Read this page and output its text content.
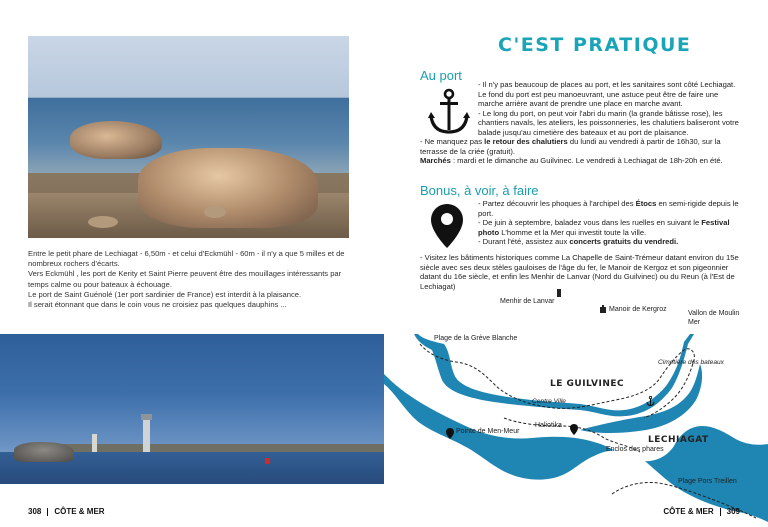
Entre le petit phare de Lechiagat - 6,50m - et celui d'Eckmühl - 60m - il n'y a que 5 milles et de nombreux rochers d'écarts.

Vers Eckmühl , les port de Kerity et Saint Pierre peuvent être des mouillages intéressants par temps calme ou pour bateaux à échouage.

Le port de Saint Guénolé (1er port sardinier de France) est interdit à la plaisance.

Il serait étonnant que dans le coin vous ne croisiez pas quelques dauphins ...

308 CÔTE & MER
C'EST PRATIQUE
Au port

- Il n'y pas beaucoup de places au port, et les sanitaires sont côté Lechiagat. Le fond du port est peu manoeuvrant, une astuce peut être de faire une marche arrière avant de prendre une place en marche avant.

- Le long du port, on peut voir l'abri du marin (la grande bâtisse rose), les chantiers navals, les ateliers, les poissonneries, les chalutiers baliseront votre balade jusqu'au cimetière des bateaux et au port de plaisance.

- Ne manquez pas le retour des chalutiers du lundi au vendredi à partir de 16h30, sur la terrasse de la criée (gratuit).

Marchés : mardi et le dimanche au Guilvinec. Le vendredi à Lechiagat de 18h-20h en été.

Bonus, à voir, à faire

- Partez découvrir les phoques à l'archipel des Étocs en semi-rigide depuis le port.

- De juin à septembre, baladez vous dans les ruelles en suivant le Festival photo L'homme et la Mer qui investit toute la ville.

- Durant l'été, assistez aux concerts gratuits du vendredi.

- Visitez les bâtiments historiques comme La Chapelle de Saint-Trémeur datant environ du 15e siècle avec ses deux stèles gauloises de l'âge du fer, le Manoir de Kergoz et son pigeonnier datant du 16e siècle, et enfin les Menhir de Lanvar (Nord du Guilvinec) ou du Reun (à l'Est de Lechiagat)

Menhir de Lanvar
Manoir de Kergroz
Vallon de Moulin Mer
Plage de la Grève Blanche
Cimetière des bateaux
LE GUILVINEC
Centre Ville
Haliotika
Pointe de Men-Meur
LECHIAGAT
Enclos des phares
Plage Pors Treillen
CÔTE & MER 309
